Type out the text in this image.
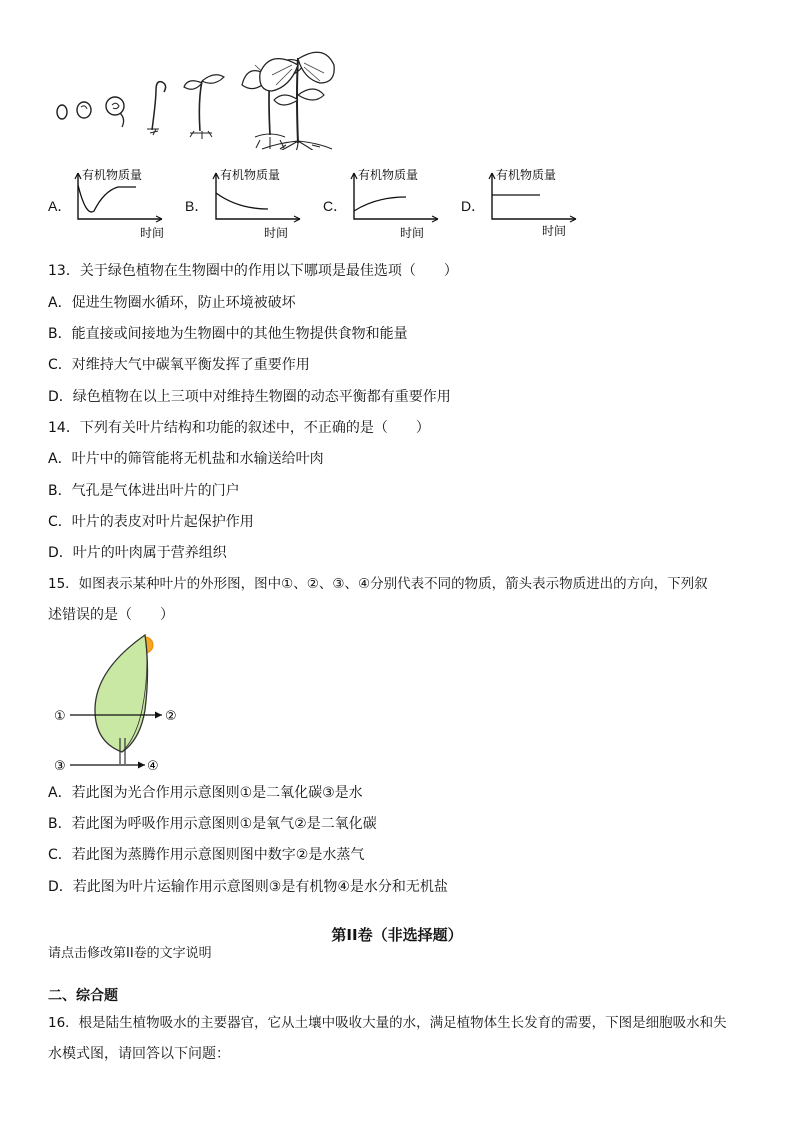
A．	B．	C．	D．
有机物质量
时间
有机物质量
时间
有机物质量
时间
有机物质量
时间
13．关于绿色植物在生物圈中的作用以下哪项是最佳选项（　　）
A．促进生物圈水循环，防止环境被破坏
B．能直接或间接地为生物圈中的其他生物提供食物和能量
C．对维持大气中碳氧平衡发挥了重要作用
D．绿色植物在以上三项中对维持生物圈的动态平衡都有重要作用
14．下列有关叶片结构和功能的叙述中，不正确的是（　　）
A．叶片中的筛管能将无机盐和水输送给叶肉
B．气孔是气体进出叶片的门户
C．叶片的表皮对叶片起保护作用
D．叶片的叶肉属于营养组织
15．如图表示某种叶片的外形图，图中①、②、③、④分别代表不同的物质，箭头表示物质进出的方向，下列叙
述错误的是（　　）
①	②
③	④
A．若此图为光合作用示意图则①是二氧化碳③是水
B．若此图为呼吸作用示意图则①是氧气②是二氧化碳
C．若此图为蒸腾作用示意图则图中数字②是水蒸气
D．若此图为叶片运输作用示意图则③是有机物④是水分和无机盐
第II卷（非选择题）
请点击修改第II卷的文字说明
二、综合题
16．根是陆生植物吸水的主要器官，它从土壤中吸收大量的水，满足植物体生长发育的需要，下图是细胞吸水和失
水模式图，请回答以下问题：
